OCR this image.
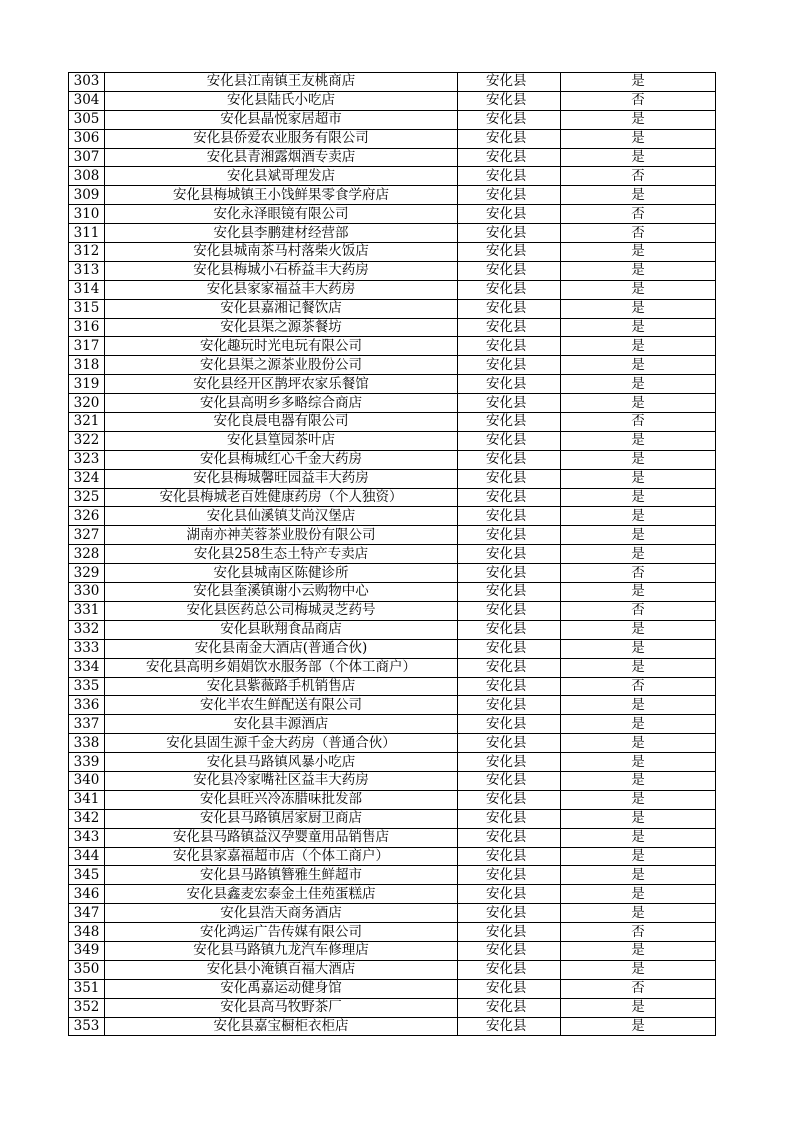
303	安化县江南镇王友桃商店	安化县	是
304	安化县陆氏小吃店	安化县	否
305	安化县晶悦家居超市	安化县	是
306	安化县侨爱农业服务有限公司	安化县	是
307	安化县青湘露烟酒专卖店	安化县	是
308	安化县斌哥理发店	安化县	否
309	安化县梅城镇王小饯鲜果零食学府店	安化县	是
310	安化永泽眼镜有限公司	安化县	否
311	安化县李鹏建材经营部	安化县	否
312	安化县城南茶马村落柴火饭店	安化县	是
313	安化县梅城小石桥益丰大药房	安化县	是
314	安化县家家福益丰大药房	安化县	是
315	安化县嘉湘记餐饮店	安化县	是
316	安化县渠之源茶餐坊	安化县	是
317	安化趣玩时光电玩有限公司	安化县	是
318	安化县渠之源茶业股份公司	安化县	是
319	安化县经开区鹊坪农家乐餐馆	安化县	是
320	安化县高明乡多略综合商店	安化县	是
321	安化良晨电器有限公司	安化县	否
322	安化县篁园茶叶店	安化县	是
323	安化县梅城红心千金大药房	安化县	是
324	安化县梅城馨旺园益丰大药房	安化县	是
325	安化县梅城老百姓健康药房（个人独资）	安化县	是
326	安化县仙溪镇艾尚汉堡店	安化县	是
327	湖南亦神芙蓉茶业股份有限公司	安化县	是
328	安化县258生态土特产专卖店	安化县	是
329	安化县城南区陈健诊所	安化县	否
330	安化县奎溪镇谢小云购物中心	安化县	是
331	安化县医药总公司梅城灵芝药号	安化县	否
332	安化县耿翔食品商店	安化县	是
333	安化县南金大酒店(普通合伙)	安化县	是
334	安化县高明乡娟娟饮水服务部（个体工商户）	安化县	是
335	安化县紫薇路手机销售店	安化县	否
336	安化半农生鲜配送有限公司	安化县	是
337	安化县丰源酒店	安化县	是
338	安化县固生源千金大药房（普通合伙）	安化县	是
339	安化县马路镇风暴小吃店	安化县	是
340	安化县冷家嘴社区益丰大药房	安化县	是
341	安化县旺兴冷冻腊味批发部	安化县	是
342	安化县马路镇居家厨卫商店	安化县	是
343	安化县马路镇益汉孕婴童用品销售店	安化县	是
344	安化县家嘉福超市店（个体工商户）	安化县	是
345	安化县马路镇簪雅生鲜超市	安化县	是
346	安化县鑫麦宏泰金土佳苑蛋糕店	安化县	是
347	安化县浩天商务酒店	安化县	是
348	安化鸿运广告传媒有限公司	安化县	否
349	安化县马路镇九龙汽车修理店	安化县	是
350	安化县小淹镇百福大酒店	安化县	是
351	安化禹嘉运动健身馆	安化县	否
352	安化县高马牧野茶厂	安化县	是
353	安化县嘉宝橱柜衣柜店	安化县	是
